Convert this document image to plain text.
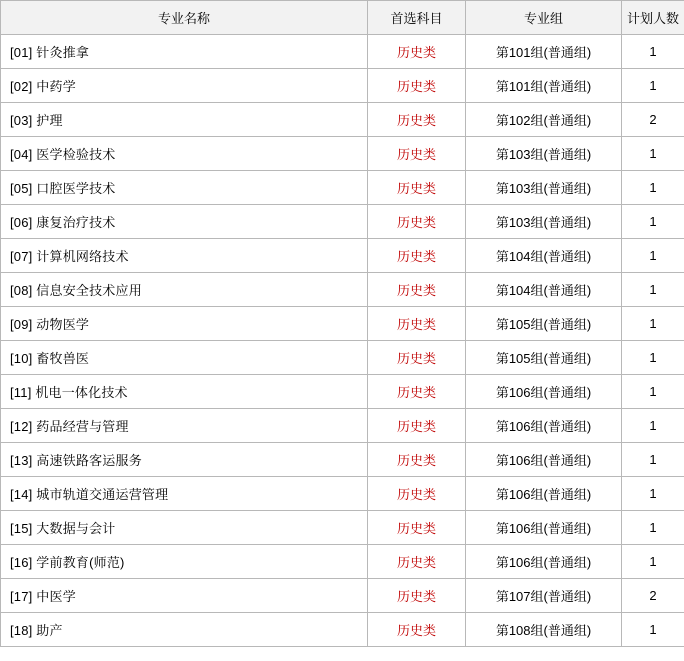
专业名称	首选科目	专业组	计划人数
[01] 针灸推拿	历史类	第101组(普通组)	1
[02] 中药学	历史类	第101组(普通组)	1
[03] 护理	历史类	第102组(普通组)	2
[04] 医学检验技术	历史类	第103组(普通组)	1
[05] 口腔医学技术	历史类	第103组(普通组)	1
[06] 康复治疗技术	历史类	第103组(普通组)	1
[07] 计算机网络技术	历史类	第104组(普通组)	1
[08] 信息安全技术应用	历史类	第104组(普通组)	1
[09] 动物医学	历史类	第105组(普通组)	1
[10] 畜牧兽医	历史类	第105组(普通组)	1
[11] 机电一体化技术	历史类	第106组(普通组)	1
[12] 药品经营与管理	历史类	第106组(普通组)	1
[13] 高速铁路客运服务	历史类	第106组(普通组)	1
[14] 城市轨道交通运营管理	历史类	第106组(普通组)	1
[15] 大数据与会计	历史类	第106组(普通组)	1
[16] 学前教育(师范)	历史类	第106组(普通组)	1
[17] 中医学	历史类	第107组(普通组)	2
[18] 助产	历史类	第108组(普通组)	1
